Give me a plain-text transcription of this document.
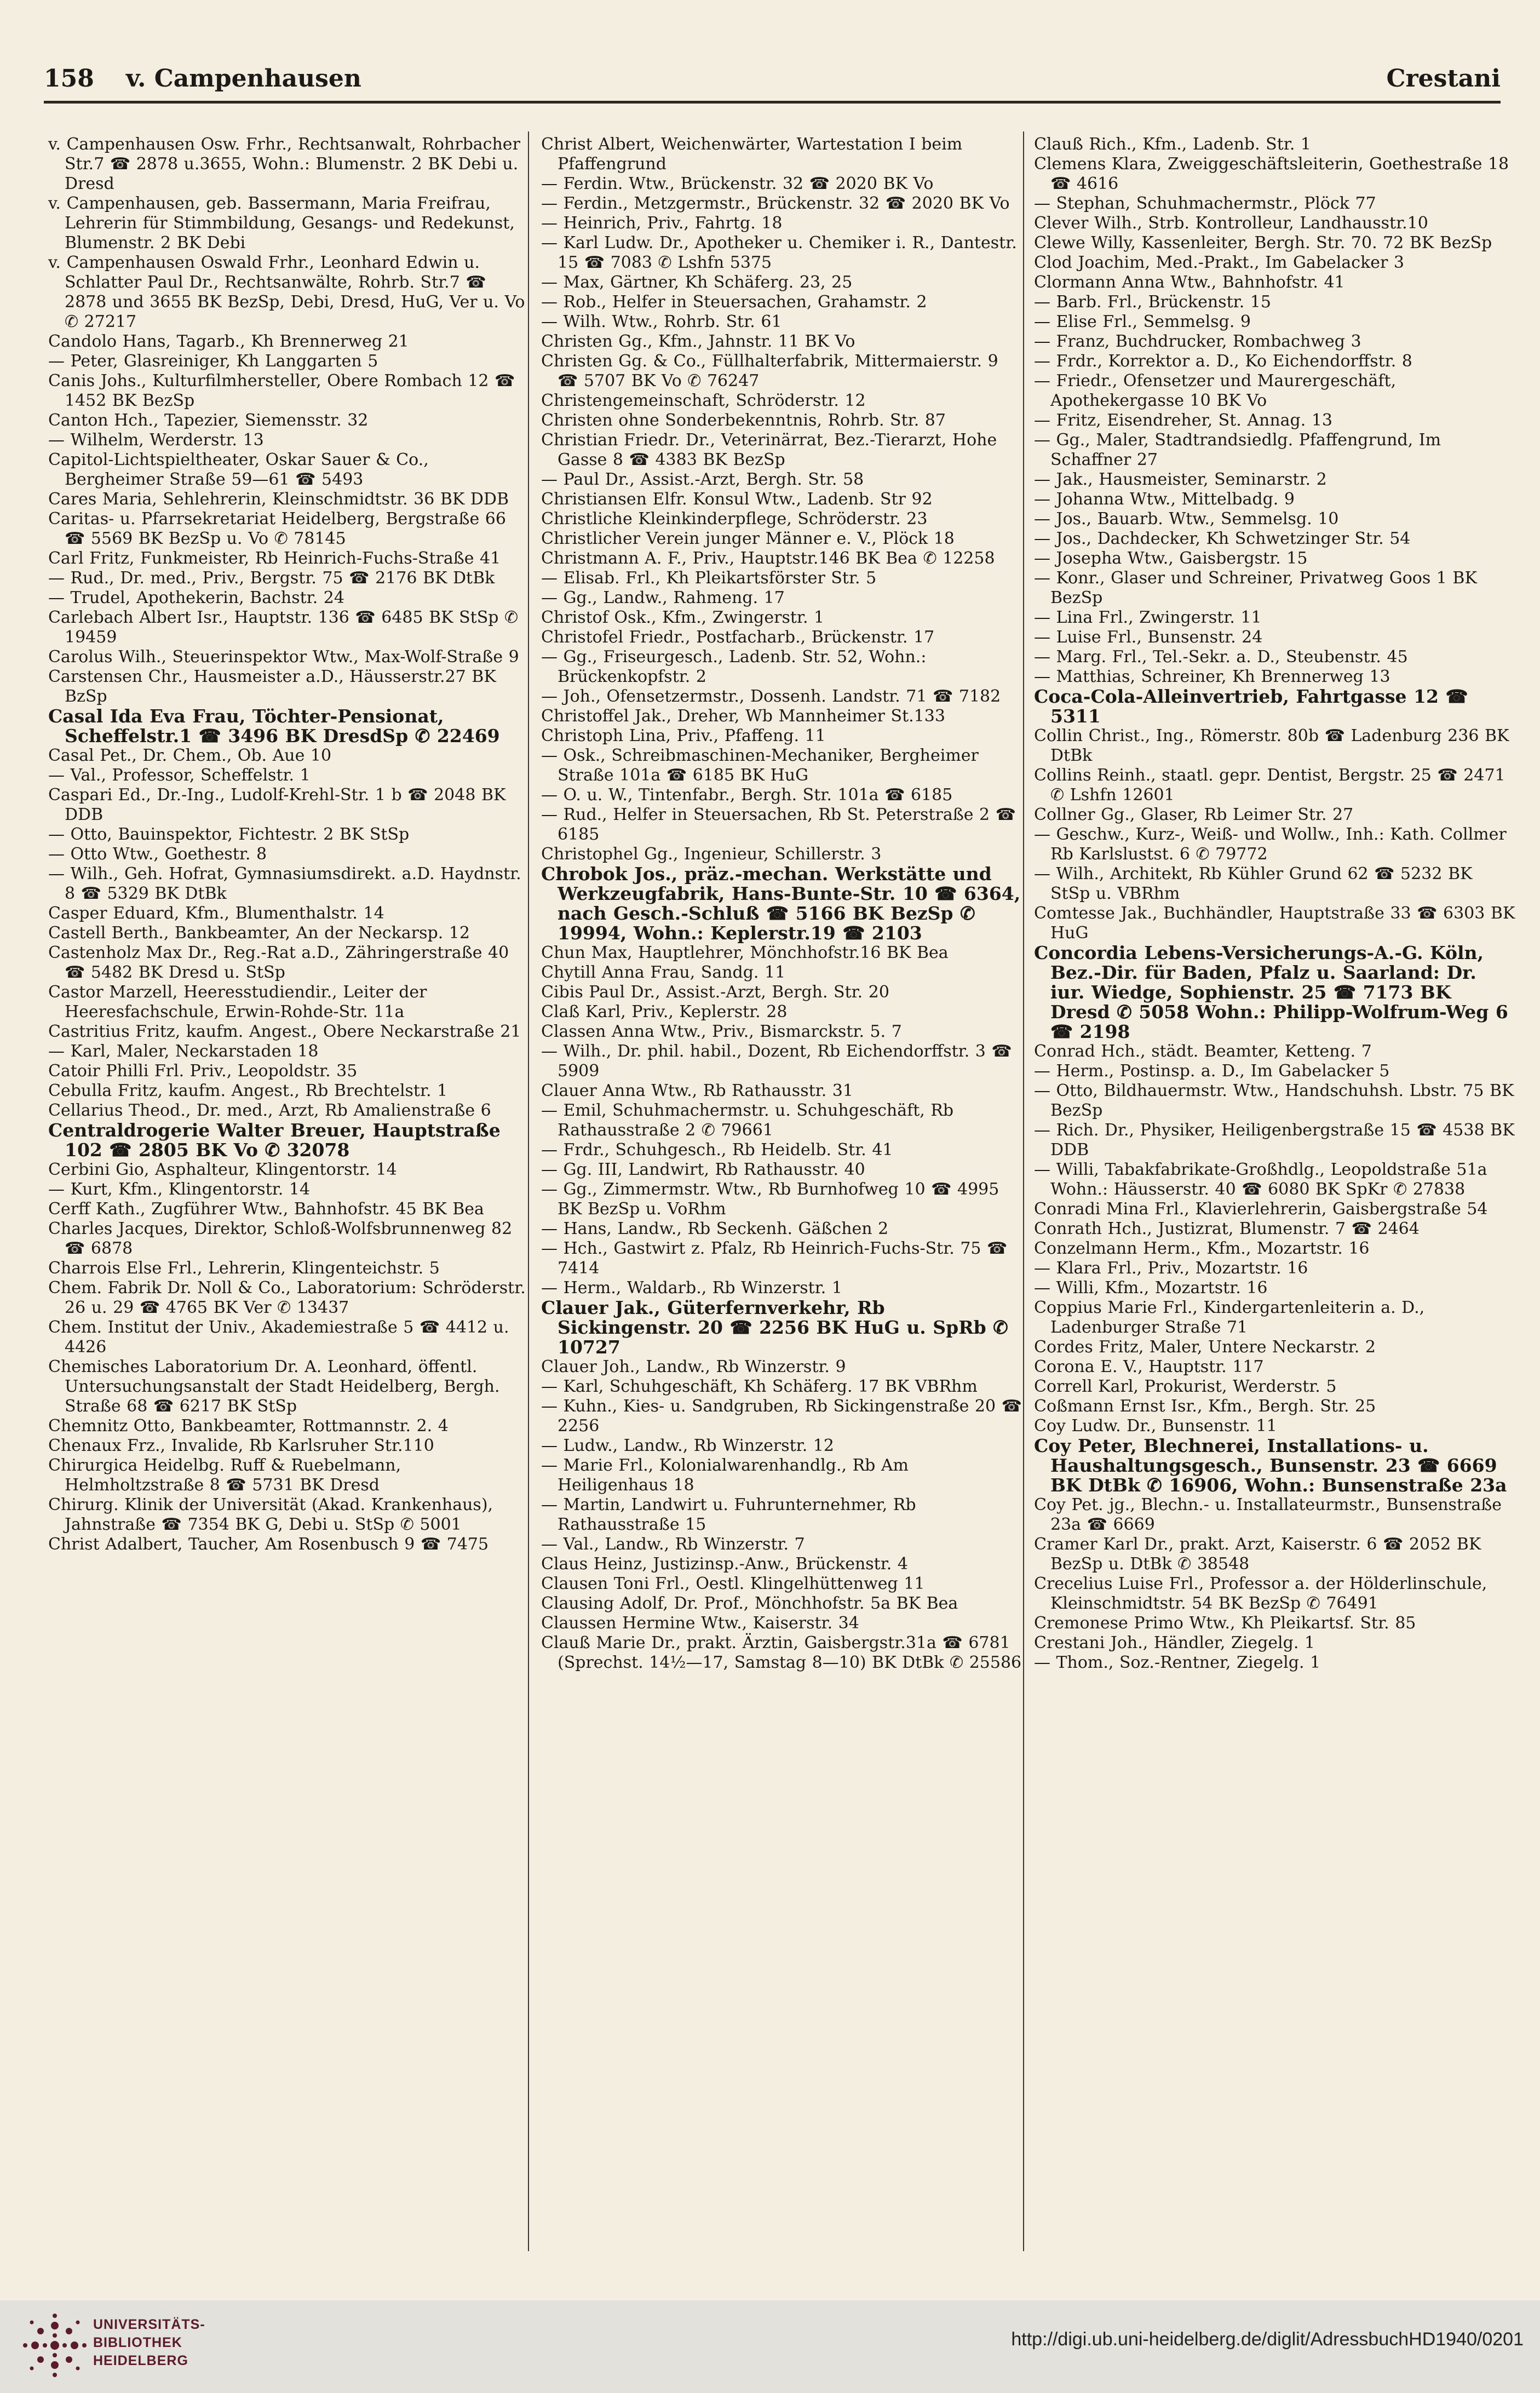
158 v. Campenhausen	Crestani
v. Campenhausen Osw. Frhr., Rechtsanwalt, Rohrbacher Str.7 ☎ 2878 u.3655, Wohn.: Blumenstr. 2 BK Debi u. Dresd
v. Campenhausen, geb. Bassermann, Maria Freifrau, Lehrerin für Stimmbildung, Gesangs- und Redekunst, Blumenstr. 2 BK Debi
v. Campenhausen Oswald Frhr., Leonhard Edwin u. Schlatter Paul Dr., Rechtsanwälte, Rohrb. Str.7 ☎ 2878 und 3655 BK BezSp, Debi, Dresd, HuG, Ver u. Vo ✆ 27217
Candolo Hans, Tagarb., Kh Brennerweg 21
— Peter, Glasreiniger, Kh Langgarten 5
Canis Johs., Kulturfilmhersteller, Obere Rombach 12 ☎ 1452 BK BezSp
Canton Hch., Tapezier, Siemensstr. 32
— Wilhelm, Werderstr. 13
Capitol-Lichtspieltheater, Oskar Sauer & Co., Bergheimer Straße 59—61 ☎ 5493
Cares Maria, Sehlehrerin, Kleinschmidtstr. 36 BK DDB
Caritas- u. Pfarrsekretariat Heidelberg, Bergstraße 66 ☎ 5569 BK BezSp u. Vo ✆ 78145
Carl Fritz, Funkmeister, Rb Heinrich-Fuchs-Straße 41
— Rud., Dr. med., Priv., Bergstr. 75 ☎ 2176 BK DtBk
— Trudel, Apothekerin, Bachstr. 24
Carlebach Albert Isr., Hauptstr. 136 ☎ 6485 BK StSp ✆ 19459
Carolus Wilh., Steuerinspektor Wtw., Max-Wolf-Straße 9
Carstensen Chr., Hausmeister a.D., Häusserstr.27 BK BzSp
Casal Ida Eva Frau, Töchter-Pensionat, Scheffelstr.1 ☎ 3496 BK DresdSp ✆ 22469
Casal Pet., Dr. Chem., Ob. Aue 10
— Val., Professor, Scheffelstr. 1
Caspari Ed., Dr.-Ing., Ludolf-Krehl-Str. 1 b ☎ 2048 BK DDB
— Otto, Bauinspektor, Fichtestr. 2 BK StSp
— Otto Wtw., Goethestr. 8
— Wilh., Geh. Hofrat, Gymnasiumsdirekt. a.D. Haydnstr. 8 ☎ 5329 BK DtBk
Casper Eduard, Kfm., Blumenthalstr. 14
Castell Berth., Bankbeamter, An der Neckarsp. 12
Castenholz Max Dr., Reg.-Rat a.D., Zähringerstraße 40 ☎ 5482 BK Dresd u. StSp
Castor Marzell, Heeresstudiendir., Leiter der Heeresfachschule, Erwin-Rohde-Str. 11a
Castritius Fritz, kaufm. Angest., Obere Neckarstraße 21
— Karl, Maler, Neckarstaden 18
Catoir Philli Frl. Priv., Leopoldstr. 35
Cebulla Fritz, kaufm. Angest., Rb Brechtelstr. 1
Cellarius Theod., Dr. med., Arzt, Rb Amalienstraße 6
Centraldrogerie Walter Breuer, Hauptstraße 102 ☎ 2805 BK Vo ✆ 32078
Cerbini Gio, Asphalteur, Klingentorstr. 14
— Kurt, Kfm., Klingentorstr. 14
Cerff Kath., Zugführer Wtw., Bahnhofstr. 45 BK Bea
Charles Jacques, Direktor, Schloß-Wolfsbrunnenweg 82 ☎ 6878
Charrois Else Frl., Lehrerin, Klingenteichstr. 5
Chem. Fabrik Dr. Noll & Co., Laboratorium: Schröderstr. 26 u. 29 ☎ 4765 BK Ver ✆ 13437
Chem. Institut der Univ., Akademiestraße 5 ☎ 4412 u. 4426
Chemisches Laboratorium Dr. A. Leonhard, öffentl. Untersuchungsanstalt der Stadt Heidelberg, Bergh. Straße 68 ☎ 6217 BK StSp
Chemnitz Otto, Bankbeamter, Rottmannstr. 2. 4
Chenaux Frz., Invalide, Rb Karlsruher Str.110
Chirurgica Heidelbg. Ruff & Ruebelmann, Helmholtzstraße 8 ☎ 5731 BK Dresd
Chirurg. Klinik der Universität (Akad. Krankenhaus), Jahnstraße ☎ 7354 BK G, Debi u. StSp ✆ 5001
Christ Adalbert, Taucher, Am Rosenbusch 9 ☎ 7475
Christ Albert, Weichenwärter, Wartestation I beim Pfaffengrund
— Ferdin. Wtw., Brückenstr. 32 ☎ 2020 BK Vo
— Ferdin., Metzgermstr., Brückenstr. 32 ☎ 2020 BK Vo
— Heinrich, Priv., Fahrtg. 18
— Karl Ludw. Dr., Apotheker u. Chemiker i. R., Dantestr. 15 ☎ 7083 ✆ Lshfn 5375
— Max, Gärtner, Kh Schäferg. 23, 25
— Rob., Helfer in Steuersachen, Grahamstr. 2
— Wilh. Wtw., Rohrb. Str. 61
Christen Gg., Kfm., Jahnstr. 11 BK Vo
Christen Gg. & Co., Füllhalterfabrik, Mittermaierstr. 9 ☎ 5707 BK Vo ✆ 76247
Christengemeinschaft, Schröderstr. 12
Christen ohne Sonderbekenntnis, Rohrb. Str. 87
Christian Friedr. Dr., Veterinärrat, Bez.-Tierarzt, Hohe Gasse 8 ☎ 4383 BK BezSp
— Paul Dr., Assist.-Arzt, Bergh. Str. 58
Christiansen Elfr. Konsul Wtw., Ladenb. Str 92
Christliche Kleinkinderpflege, Schröderstr. 23
Christlicher Verein junger Männer e. V., Plöck 18
Christmann A. F., Priv., Hauptstr.146 BK Bea ✆ 12258
— Elisab. Frl., Kh Pleikartsförster Str. 5
— Gg., Landw., Rahmeng. 17
Christof Osk., Kfm., Zwingerstr. 1
Christofel Friedr., Postfacharb., Brückenstr. 17
— Gg., Friseurgesch., Ladenb. Str. 52, Wohn.: Brückenkopfstr. 2
— Joh., Ofensetzermstr., Dossenh. Landstr. 71 ☎ 7182
Christoffel Jak., Dreher, Wb Mannheimer St.133
Christoph Lina, Priv., Pfaffeng. 11
— Osk., Schreibmaschinen-Mechaniker, Bergheimer Straße 101a ☎ 6185 BK HuG
— O. u. W., Tintenfabr., Bergh. Str. 101a ☎ 6185
— Rud., Helfer in Steuersachen, Rb St. Peterstraße 2 ☎ 6185
Christophel Gg., Ingenieur, Schillerstr. 3
Chrobok Jos., präz.-mechan. Werkstätte und Werkzeugfabrik, Hans-Bunte-Str. 10 ☎ 6364, nach Gesch.-Schluß ☎ 5166 BK BezSp ✆ 19994, Wohn.: Keplerstr.19 ☎ 2103
Chun Max, Hauptlehrer, Mönchhofstr.16 BK Bea
Chytill Anna Frau, Sandg. 11
Cibis Paul Dr., Assist.-Arzt, Bergh. Str. 20
Claß Karl, Priv., Keplerstr. 28
Classen Anna Wtw., Priv., Bismarckstr. 5. 7
— Wilh., Dr. phil. habil., Dozent, Rb Eichendorffstr. 3 ☎ 5909
Clauer Anna Wtw., Rb Rathausstr. 31
— Emil, Schuhmachermstr. u. Schuhgeschäft, Rb Rathausstraße 2 ✆ 79661
— Frdr., Schuhgesch., Rb Heidelb. Str. 41
— Gg. III, Landwirt, Rb Rathausstr. 40
— Gg., Zimmermstr. Wtw., Rb Burnhofweg 10 ☎ 4995 BK BezSp u. VoRhm
— Hans, Landw., Rb Seckenh. Gäßchen 2
— Hch., Gastwirt z. Pfalz, Rb Heinrich-Fuchs-Str. 75 ☎ 7414
— Herm., Waldarb., Rb Winzerstr. 1
Clauer Jak., Güterfernverkehr, Rb Sickingenstr. 20 ☎ 2256 BK HuG u. SpRb ✆ 10727
Clauer Joh., Landw., Rb Winzerstr. 9
— Karl, Schuhgeschäft, Kh Schäferg. 17 BK VBRhm
— Kuhn., Kies- u. Sandgruben, Rb Sickingenstraße 20 ☎ 2256
— Ludw., Landw., Rb Winzerstr. 12
— Marie Frl., Kolonialwarenhandlg., Rb Am Heiligenhaus 18
— Martin, Landwirt u. Fuhrunternehmer, Rb Rathausstraße 15
— Val., Landw., Rb Winzerstr. 7
Claus Heinz, Justizinsp.-Anw., Brückenstr. 4
Clausen Toni Frl., Oestl. Klingelhüttenweg 11
Clausing Adolf, Dr. Prof., Mönchhofstr. 5a BK Bea
Claussen Hermine Wtw., Kaiserstr. 34
Clauß Marie Dr., prakt. Ärztin, Gaisbergstr.31a ☎ 6781 (Sprechst. 14½—17, Samstag 8—10) BK DtBk ✆ 25586
Clauß Rich., Kfm., Ladenb. Str. 1
Clemens Klara, Zweiggeschäftsleiterin, Goethestraße 18 ☎ 4616
— Stephan, Schuhmachermstr., Plöck 77
Clever Wilh., Strb. Kontrolleur, Landhausstr.10
Clewe Willy, Kassenleiter, Bergh. Str. 70. 72 BK BezSp
Clod Joachim, Med.-Prakt., Im Gabelacker 3
Clormann Anna Wtw., Bahnhofstr. 41
— Barb. Frl., Brückenstr. 15
— Elise Frl., Semmelsg. 9
— Franz, Buchdrucker, Rombachweg 3
— Frdr., Korrektor a. D., Ko Eichendorffstr. 8
— Friedr., Ofensetzer und Maurergeschäft, Apothekergasse 10 BK Vo
— Fritz, Eisendreher, St. Annag. 13
— Gg., Maler, Stadtrandsiedlg. Pfaffengrund, Im Schaffner 27
— Jak., Hausmeister, Seminarstr. 2
— Johanna Wtw., Mittelbadg. 9
— Jos., Bauarb. Wtw., Semmelsg. 10
— Jos., Dachdecker, Kh Schwetzinger Str. 54
— Josepha Wtw., Gaisbergstr. 15
— Konr., Glaser und Schreiner, Privatweg Goos 1 BK BezSp
— Lina Frl., Zwingerstr. 11
— Luise Frl., Bunsenstr. 24
— Marg. Frl., Tel.-Sekr. a. D., Steubenstr. 45
— Matthias, Schreiner, Kh Brennerweg 13
Coca-Cola-Alleinvertrieb, Fahrtgasse 12 ☎ 5311
Collin Christ., Ing., Römerstr. 80b ☎ Ladenburg 236 BK DtBk
Collins Reinh., staatl. gepr. Dentist, Bergstr. 25 ☎ 2471 ✆ Lshfn 12601
Collner Gg., Glaser, Rb Leimer Str. 27
— Geschw., Kurz-, Weiß- und Wollw., Inh.: Kath. Collmer Rb Karlslustst. 6 ✆ 79772
— Wilh., Architekt, Rb Kühler Grund 62 ☎ 5232 BK StSp u. VBRhm
Comtesse Jak., Buchhändler, Hauptstraße 33 ☎ 6303 BK HuG
Concordia Lebens-Versicherungs-A.-G. Köln, Bez.-Dir. für Baden, Pfalz u. Saarland: Dr. iur. Wiedge, Sophienstr. 25 ☎ 7173 BK Dresd ✆ 5058 Wohn.: Philipp-Wolfrum-Weg 6 ☎ 2198
Conrad Hch., städt. Beamter, Ketteng. 7
— Herm., Postinsp. a. D., Im Gabelacker 5
— Otto, Bildhauermstr. Wtw., Handschuhsh. Lbstr. 75 BK BezSp
— Rich. Dr., Physiker, Heiligenbergstraße 15 ☎ 4538 BK DDB
— Willi, Tabakfabrikate-Großhdlg., Leopoldstraße 51a Wohn.: Häusserstr. 40 ☎ 6080 BK SpKr ✆ 27838
Conradi Mina Frl., Klavierlehrerin, Gaisbergstraße 54
Conrath Hch., Justizrat, Blumenstr. 7 ☎ 2464
Conzelmann Herm., Kfm., Mozartstr. 16
— Klara Frl., Priv., Mozartstr. 16
— Willi, Kfm., Mozartstr. 16
Coppius Marie Frl., Kindergartenleiterin a. D., Ladenburger Straße 71
Cordes Fritz, Maler, Untere Neckarstr. 2
Corona E. V., Hauptstr. 117
Correll Karl, Prokurist, Werderstr. 5
Coßmann Ernst Isr., Kfm., Bergh. Str. 25
Coy Ludw. Dr., Bunsenstr. 11
Coy Peter, Blechnerei, Installations- u. Haushaltungsgesch., Bunsenstr. 23 ☎ 6669 BK DtBk ✆ 16906, Wohn.: Bunsenstraße 23a
Coy Pet. jg., Blechn.- u. Installateurmstr., Bunsenstraße 23a ☎ 6669
Cramer Karl Dr., prakt. Arzt, Kaiserstr. 6 ☎ 2052 BK BezSp u. DtBk ✆ 38548
Crecelius Luise Frl., Professor a. der Hölderlinschule, Kleinschmidtstr. 54 BK BezSp ✆ 76491
Cremonese Primo Wtw., Kh Pleikartsf. Str. 85
Crestani Joh., Händler, Ziegelg. 1
— Thom., Soz.-Rentner, Ziegelg. 1
UNIVERSITÄTS-
BIBLIOTHEK
HEIDELBERG
http://digi.ub.uni-heidelberg.de/diglit/AdressbuchHD1940/0201
